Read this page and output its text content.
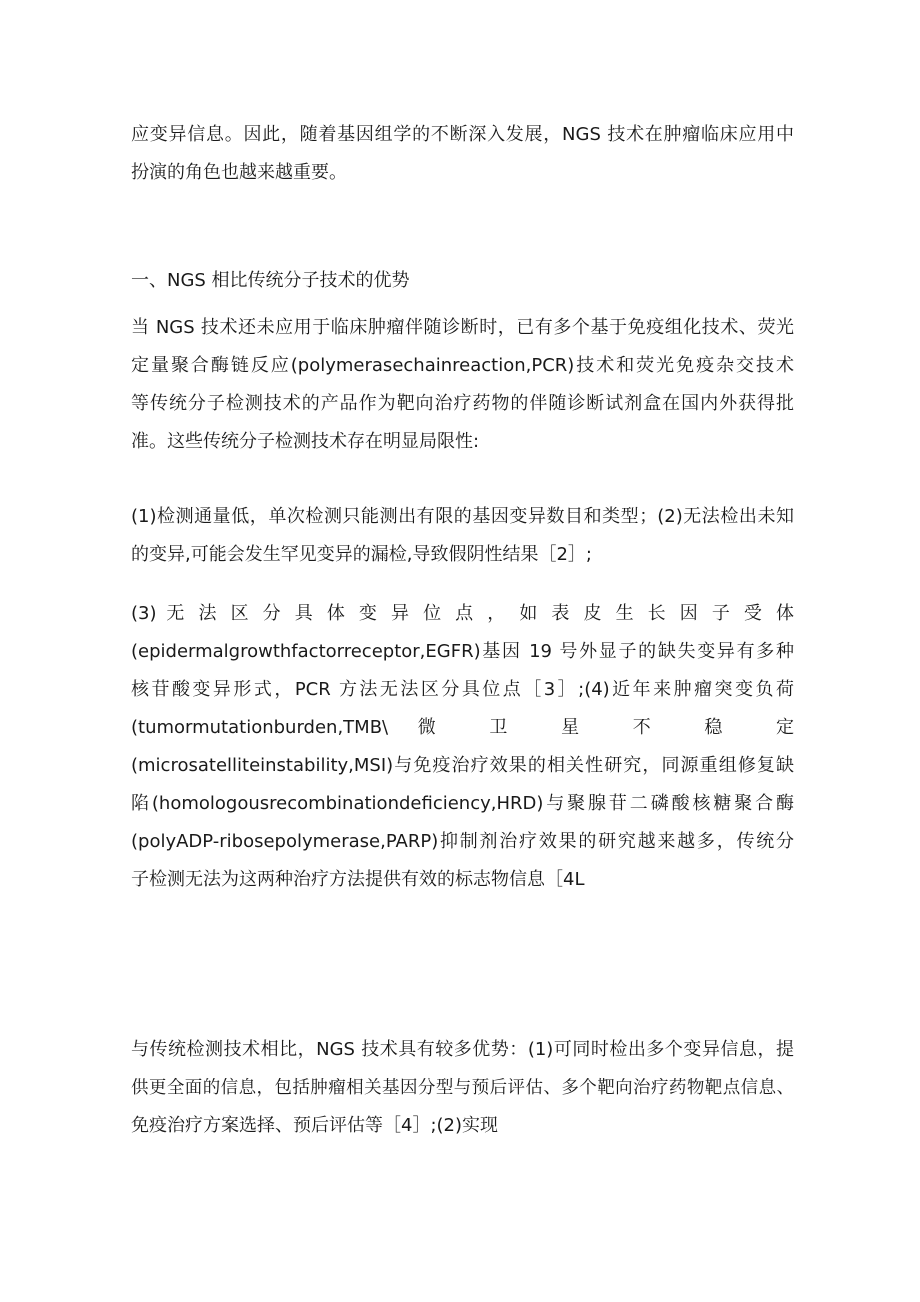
应变异信息。因此，随着基因组学的不断深入发展，NGS 技术在肿瘤临床应用中
扮演的角色也越来越重要。
一、NGS 相比传统分子技术的优势
当 NGS 技术还未应用于临床肿瘤伴随诊断时，已有多个基于免疫组化技术、荧光
定量聚合酶链反应(polymerasechainreaction,PCR)技术和荧光免疫杂交技术
等传统分子检测技术的产品作为靶向治疗药物的伴随诊断试剂盒在国内外获得批
准。这些传统分子检测技术存在明显局限性:
(1)检测通量低，单次检测只能测出有限的基因变异数目和类型；(2)无法检出未知
的变异,可能会发生罕见变异的漏检,导致假阴性结果［2］;
(3) 无 法 区 分 具 体 变 异 位 点 ， 如 表 皮 生 长 因 子 受 体
(epidermalgrowthfactorreceptor,EGFR)基因 19 号外显子的缺失变异有多种
核苷酸变异形式，PCR 方法无法区分具位点［3］;(4)近年来肿瘤突变负荷
(tumormutationburden,TMB\ 微 卫 星 不 稳 定
(microsatelliteinstability,MSI)与免疫治疗效果的相关性研究，同源重组修复缺
陷(homologousrecombinationdeficiency,HRD)与聚腺苷二磷酸核糖聚合酶
(polyADP-ribosepolymerase,PARP)抑制剂治疗效果的研究越来越多，传统分
子检测无法为这两种治疗方法提供有效的标志物信息［4L
与传统检测技术相比，NGS 技术具有较多优势：(1)可同时检出多个变异信息，提
供更全面的信息，包括肿瘤相关基因分型与预后评估、多个靶向治疗药物靶点信息、
免疫治疗方案选择、预后评估等［4］;(2)实现
